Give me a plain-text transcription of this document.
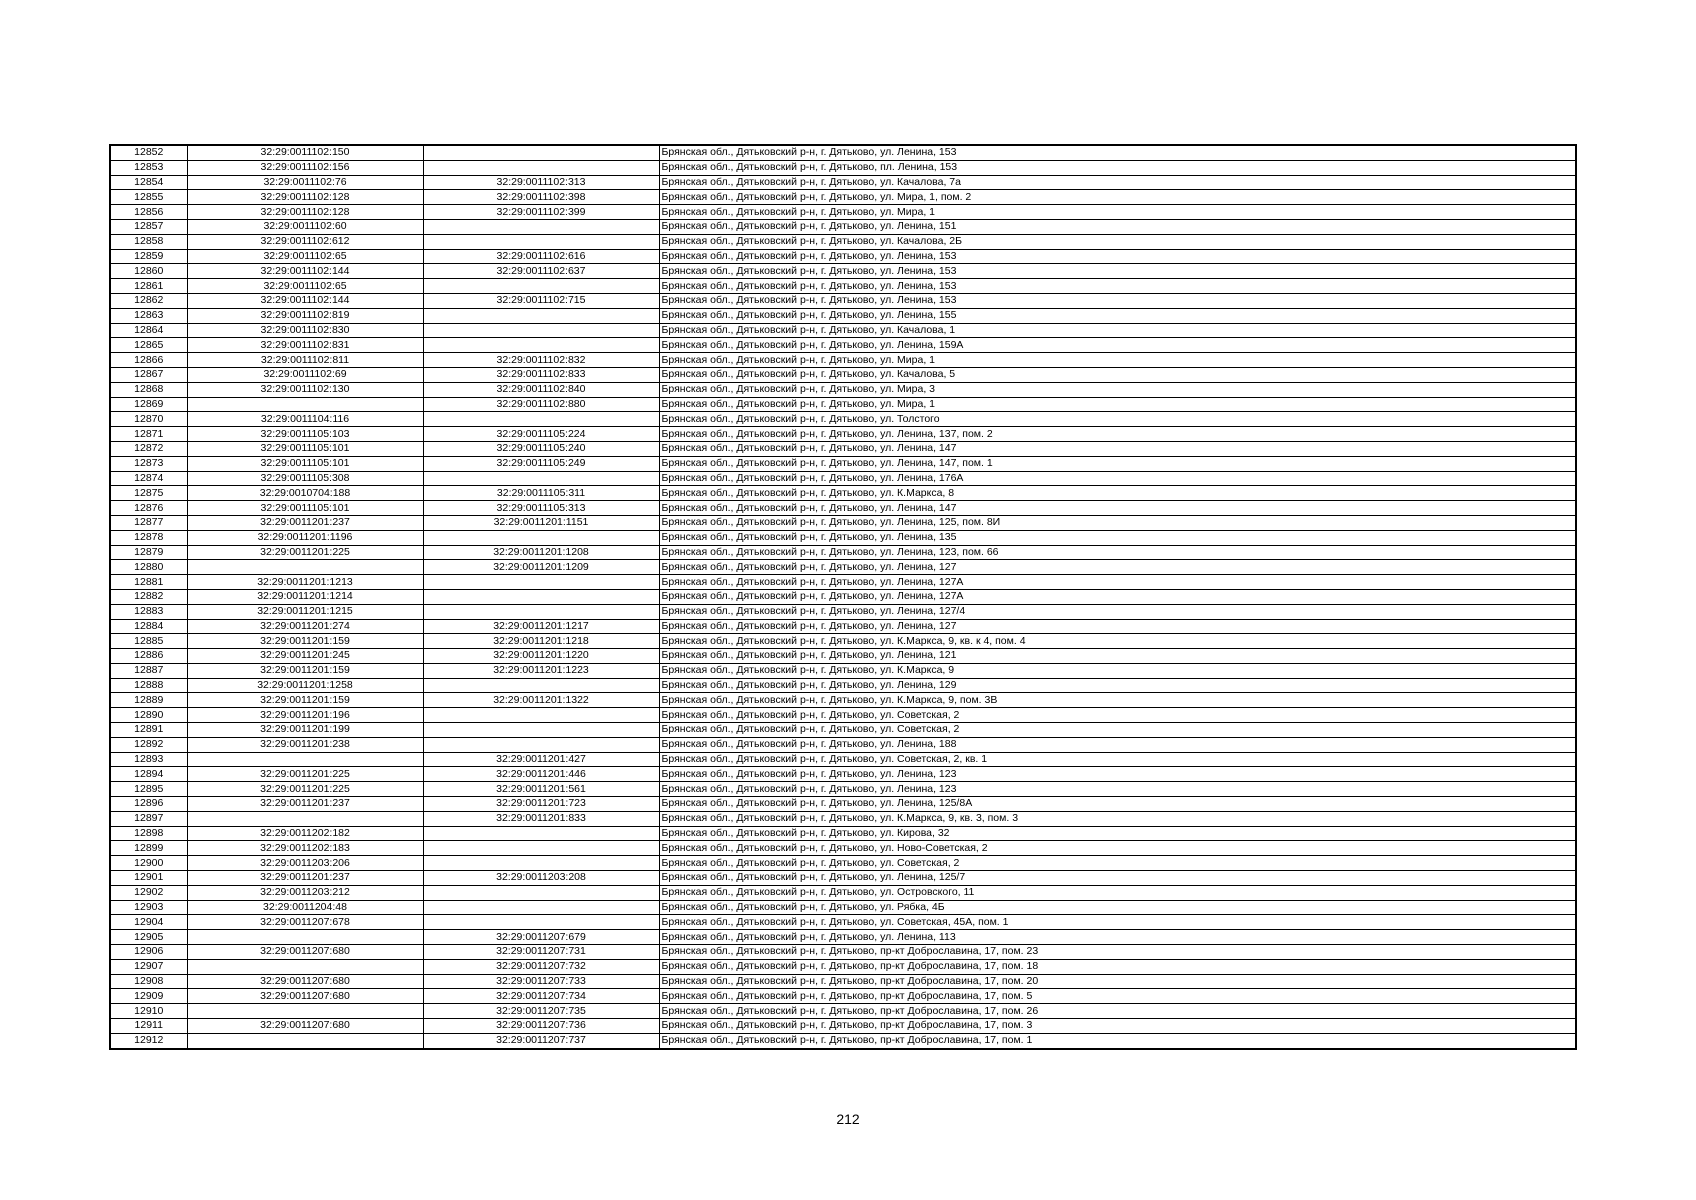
12852	32:29:0011102:150		Брянская обл., Дятьковский р-н, г. Дятьково, ул. Ленина, 153
12853	32:29:0011102:156		Брянская обл., Дятьковский р-н, г. Дятьково, пл. Ленина, 153
12854	32:29:0011102:76	32:29:0011102:313	Брянская обл., Дятьковский р-н, г. Дятьково, ул. Качалова, 7а
12855	32:29:0011102:128	32:29:0011102:398	Брянская обл., Дятьковский р-н, г. Дятьково, ул. Мира, 1, пом. 2
12856	32:29:0011102:128	32:29:0011102:399	Брянская обл., Дятьковский р-н, г. Дятьково, ул. Мира, 1
12857	32:29:0011102:60		Брянская обл., Дятьковский р-н, г. Дятьково, ул. Ленина, 151
12858	32:29:0011102:612		Брянская обл., Дятьковский р-н, г. Дятьково, ул. Качалова, 2Б
12859	32:29:0011102:65	32:29:0011102:616	Брянская обл., Дятьковский р-н, г. Дятьково, ул. Ленина, 153
12860	32:29:0011102:144	32:29:0011102:637	Брянская обл., Дятьковский р-н, г. Дятьково, ул. Ленина, 153
12861	32:29:0011102:65		Брянская обл., Дятьковский р-н, г. Дятьково, ул. Ленина, 153
12862	32:29:0011102:144	32:29:0011102:715	Брянская обл., Дятьковский р-н, г. Дятьково, ул. Ленина, 153
12863	32:29:0011102:819		Брянская обл., Дятьковский р-н, г. Дятьково, ул. Ленина, 155
12864	32:29:0011102:830		Брянская обл., Дятьковский р-н, г. Дятьково, ул. Качалова, 1
12865	32:29:0011102:831		Брянская обл., Дятьковский р-н, г. Дятьково, ул. Ленина, 159А
12866	32:29:0011102:811	32:29:0011102:832	Брянская обл., Дятьковский р-н, г. Дятьково, ул. Мира, 1
12867	32:29:0011102:69	32:29:0011102:833	Брянская обл., Дятьковский р-н, г. Дятьково, ул. Качалова, 5
12868	32:29:0011102:130	32:29:0011102:840	Брянская обл., Дятьковский р-н, г. Дятьково, ул. Мира, 3
12869		32:29:0011102:880	Брянская обл., Дятьковский р-н, г. Дятьково, ул. Мира, 1
12870	32:29:0011104:116		Брянская обл., Дятьковский р-н, г. Дятьково, ул. Толстого
12871	32:29:0011105:103	32:29:0011105:224	Брянская обл., Дятьковский р-н, г. Дятьково, ул. Ленина, 137, пом. 2
12872	32:29:0011105:101	32:29:0011105:240	Брянская обл., Дятьковский р-н, г. Дятьково, ул. Ленина, 147
12873	32:29:0011105:101	32:29:0011105:249	Брянская обл., Дятьковский р-н, г. Дятьково, ул. Ленина, 147, пом. 1
12874	32:29:0011105:308		Брянская обл., Дятьковский р-н, г. Дятьково, ул. Ленина, 176А
12875	32:29:0010704:188	32:29:0011105:311	Брянская обл., Дятьковский р-н, г. Дятьково, ул. К.Маркса, 8
12876	32:29:0011105:101	32:29:0011105:313	Брянская обл., Дятьковский р-н, г. Дятьково, ул. Ленина, 147
12877	32:29:0011201:237	32:29:0011201:1151	Брянская обл., Дятьковский р-н, г. Дятьково, ул. Ленина, 125, пом. 8И
12878	32:29:0011201:1196		Брянская обл., Дятьковский р-н, г. Дятьково, ул. Ленина, 135
12879	32:29:0011201:225	32:29:0011201:1208	Брянская обл., Дятьковский р-н, г. Дятьково, ул. Ленина, 123, пом. 66
12880		32:29:0011201:1209	Брянская обл., Дятьковский р-н, г. Дятьково, ул. Ленина, 127
12881	32:29:0011201:1213		Брянская обл., Дятьковский р-н, г. Дятьково, ул. Ленина, 127А
12882	32:29:0011201:1214		Брянская обл., Дятьковский р-н, г. Дятьково, ул. Ленина, 127А
12883	32:29:0011201:1215		Брянская обл., Дятьковский р-н, г. Дятьково, ул. Ленина, 127/4
12884	32:29:0011201:274	32:29:0011201:1217	Брянская обл., Дятьковский р-н, г. Дятьково, ул. Ленина, 127
12885	32:29:0011201:159	32:29:0011201:1218	Брянская обл., Дятьковский р-н, г. Дятьково, ул. К.Маркса, 9, кв. к 4, пом. 4
12886	32:29:0011201:245	32:29:0011201:1220	Брянская обл., Дятьковский р-н, г. Дятьково, ул. Ленина, 121
12887	32:29:0011201:159	32:29:0011201:1223	Брянская обл., Дятьковский р-н, г. Дятьково, ул. К.Маркса, 9
12888	32:29:0011201:1258		Брянская обл., Дятьковский р-н, г. Дятьково, ул. Ленина, 129
12889	32:29:0011201:159	32:29:0011201:1322	Брянская обл., Дятьковский р-н, г. Дятьково, ул. К.Маркса, 9, пом. 3В
12890	32:29:0011201:196		Брянская обл., Дятьковский р-н, г. Дятьково, ул. Советская, 2
12891	32:29:0011201:199		Брянская обл., Дятьковский р-н, г. Дятьково, ул. Советская, 2
12892	32:29:0011201:238		Брянская обл., Дятьковский р-н, г. Дятьково, ул. Ленина, 188
12893		32:29:0011201:427	Брянская обл., Дятьковский р-н, г. Дятьково, ул. Советская, 2, кв. 1
12894	32:29:0011201:225	32:29:0011201:446	Брянская обл., Дятьковский р-н, г. Дятьково, ул. Ленина, 123
12895	32:29:0011201:225	32:29:0011201:561	Брянская обл., Дятьковский р-н, г. Дятьково, ул. Ленина, 123
12896	32:29:0011201:237	32:29:0011201:723	Брянская обл., Дятьковский р-н, г. Дятьково, ул. Ленина, 125/8А
12897		32:29:0011201:833	Брянская обл., Дятьковский р-н, г. Дятьково, ул. К.Маркса, 9, кв. 3, пом. 3
12898	32:29:0011202:182		Брянская обл., Дятьковский р-н, г. Дятьково, ул. Кирова, 32
12899	32:29:0011202:183		Брянская обл., Дятьковский р-н, г. Дятьково, ул. Ново-Советская, 2
12900	32:29:0011203:206		Брянская обл., Дятьковский р-н, г. Дятьково, ул. Советская, 2
12901	32:29:0011201:237	32:29:0011203:208	Брянская обл., Дятьковский р-н, г. Дятьково, ул. Ленина, 125/7
12902	32:29:0011203:212		Брянская обл., Дятьковский р-н, г. Дятьково, ул. Островского, 11
12903	32:29:0011204:48		Брянская обл., Дятьковский р-н, г. Дятьково, ул. Рябка, 4Б
12904	32:29:0011207:678		Брянская обл., Дятьковский р-н, г. Дятьково, ул. Советская, 45А, пом. 1
12905		32:29:0011207:679	Брянская обл., Дятьковский р-н, г. Дятьково, ул. Ленина, 113
12906	32:29:0011207:680	32:29:0011207:731	Брянская обл., Дятьковский р-н, г. Дятьково, пр-кт Доброславина, 17, пом. 23
12907		32:29:0011207:732	Брянская обл., Дятьковский р-н, г. Дятьково, пр-кт Доброславина, 17, пом. 18
12908	32:29:0011207:680	32:29:0011207:733	Брянская обл., Дятьковский р-н, г. Дятьково, пр-кт Доброславина, 17, пом. 20
12909	32:29:0011207:680	32:29:0011207:734	Брянская обл., Дятьковский р-н, г. Дятьково, пр-кт Доброславина, 17, пом. 5
12910		32:29:0011207:735	Брянская обл., Дятьковский р-н, г. Дятьково, пр-кт Доброславина, 17, пом. 26
12911	32:29:0011207:680	32:29:0011207:736	Брянская обл., Дятьковский р-н, г. Дятьково, пр-кт Доброславина, 17, пом. 3
12912		32:29:0011207:737	Брянская обл., Дятьковский р-н, г. Дятьково, пр-кт Доброславина, 17, пом. 1
212
